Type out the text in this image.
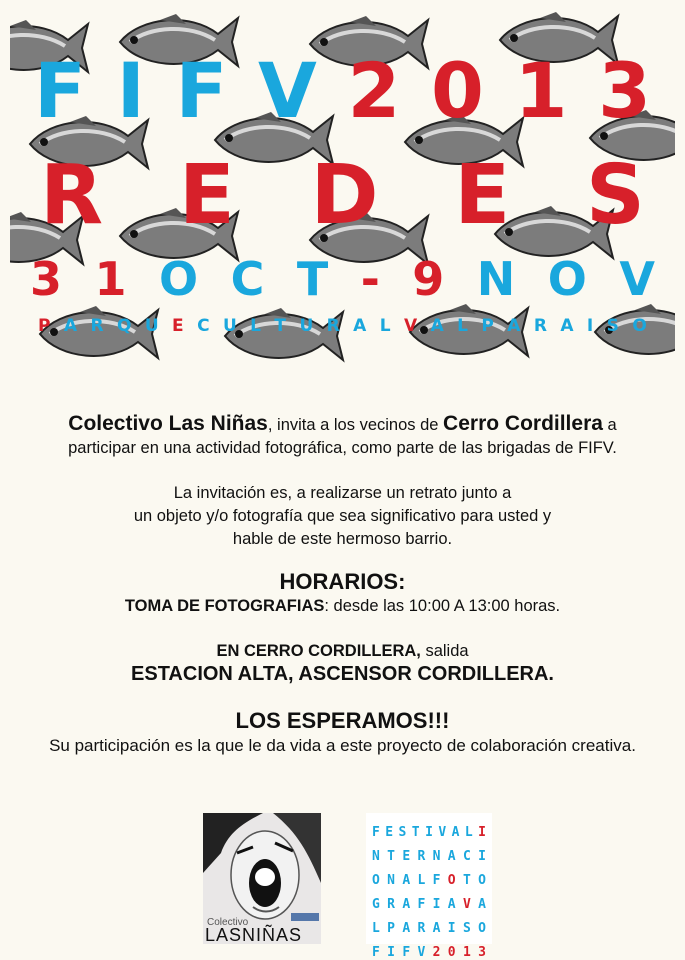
F I F V 2 0 1 3
R E D E S
3 1 O C T - 9 N O V
P A R Q U E C U L T U R A L V A L P A R A I S O
Colectivo Las Niñas, invita a los vecinos de Cerro Cordillera a
participar en una actividad fotográfica, como parte de las brigadas de FIFV.
La invitación es, a realizarse un retrato junto a
un objeto y/o fotografía que sea significativo para usted y
hable de este hermoso barrio.
HORARIOS:
TOMA DE FOTOGRAFIAS: desde las 10:00 A 13:00 horas.
EN CERRO CORDILLERA, salida
ESTACION ALTA, ASCENSOR CORDILLERA.
LOS ESPERAMOS!!!
Su participación es la que le da vida a este proyecto de colaboración creativa.
Colectivo
LASNIÑAS
F E S T I V A L I
N T E R N A C I
O N A L F O T O
G R A F I A V A
L P A R A I S O
F I F V 2 0 1 3
